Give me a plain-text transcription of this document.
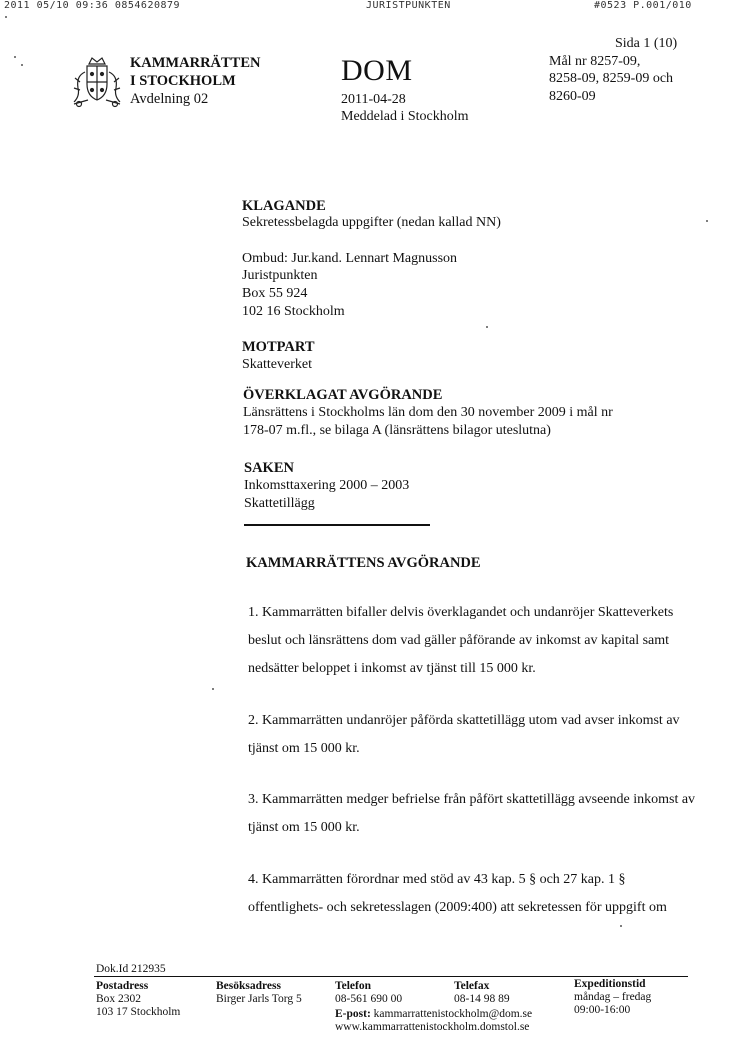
2011 05/10 09:36 0854620879	JURISTPUNKTEN	#0523 P.001/010
KAMMARRÄTTEN
I STOCKHOLM
Avdelning 02
DOM
2011-04-28
Meddelad i Stockholm
Sida 1 (10)
Mål nr 8257-09,
8258-09, 8259-09 och
8260-09
KLAGANDE
Sekretessbelagda uppgifter (nedan kallad NN)
Ombud: Jur.kand. Lennart Magnusson
Juristpunkten
Box 55 924
102 16 Stockholm
MOTPART
Skatteverket
ÖVERKLAGAT AVGÖRANDE
Länsrättens i Stockholms län dom den 30 november 2009 i mål nr
178-07 m.fl., se bilaga A (länsrättens bilagor uteslutna)
SAKEN
Inkomsttaxering 2000 – 2003
Skattetillägg
KAMMARRÄTTENS AVGÖRANDE
1. Kammarrätten bifaller delvis överklagandet och undanröjer Skatteverkets beslut och länsrättens dom vad gäller påförande av inkomst av kapital samt nedsätter beloppet i inkomst av tjänst till 15 000 kr.
2. Kammarrätten undanröjer påförda skattetillägg utom vad avser inkomst av tjänst om 15 000 kr.
3. Kammarrätten medger befrielse från påfört skattetillägg avseende inkomst av tjänst om 15 000 kr.
4. Kammarrätten förordnar med stöd av 43 kap. 5 § och 27 kap. 1 § offentlighets- och sekretesslagen (2009:400) att sekretessen för uppgift om
Dok.Id 212935
Postadress
Box 2302
103 17 Stockholm
Besöksadress
Birger Jarls Torg 5
Telefon
08-561 690 00
Telefax
08-14 98 89
E-post: kammarrattenistockholm@dom.se
www.kammarrattenistockholm.domstol.se
Expeditionstid
måndag – fredag
09:00-16:00
